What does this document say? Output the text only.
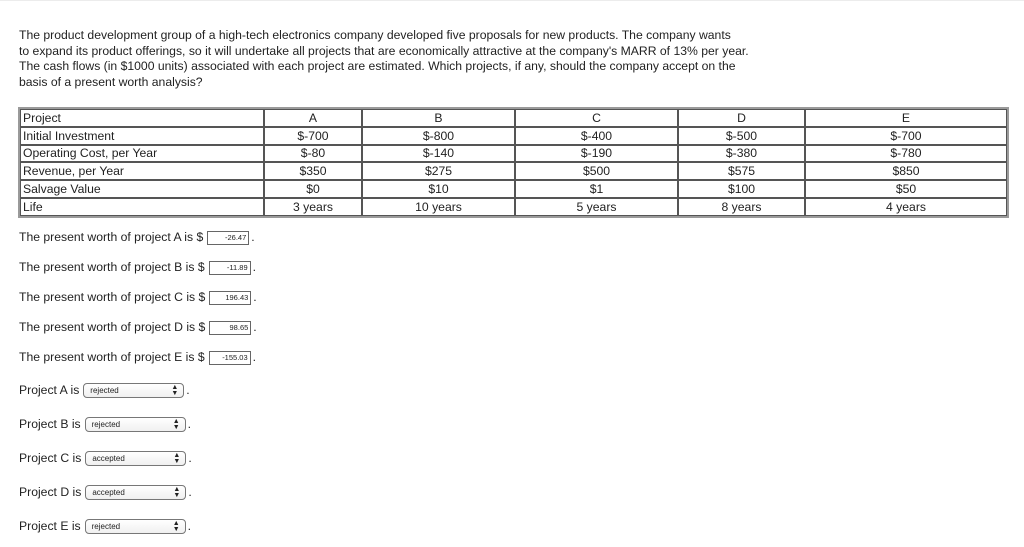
The product development group of a high-tech electronics company developed five proposals for new products. The company wants

to expand its product offerings, so it will undertake all projects that are economically attractive at the company's MARR of 13% per year.

The cash flows (in $1000 units) associated with each project are estimated. Which projects, if any, should the company accept on the

basis of a present worth analysis?

Project	A	B	C	D	E
Initial Investment	$-700	$-800	$-400	$-500	$-700
Operating Cost, per Year	$-80	$-140	$-190	$-380	$-780
Revenue, per Year	$350	$275	$500	$575	$850
Salvage Value	$0	$10	$1	$100	$50
Life	3 years	10 years	5 years	8 years	4 years
The present worth of project A is $	-26.47 .
The present worth of project B is $	-11.89 .
The present worth of project C is $	196.43 .
The present worth of project D is $	98.65 .
The present worth of project E is $ -155.03 .
Project A is rejected	▲
▼ .
Project B is rejected	▲
▼ .
Project C is accepted	▲
▼ .
Project D is accepted	▲
▼ .
Project E is rejected	▲
▼ .
